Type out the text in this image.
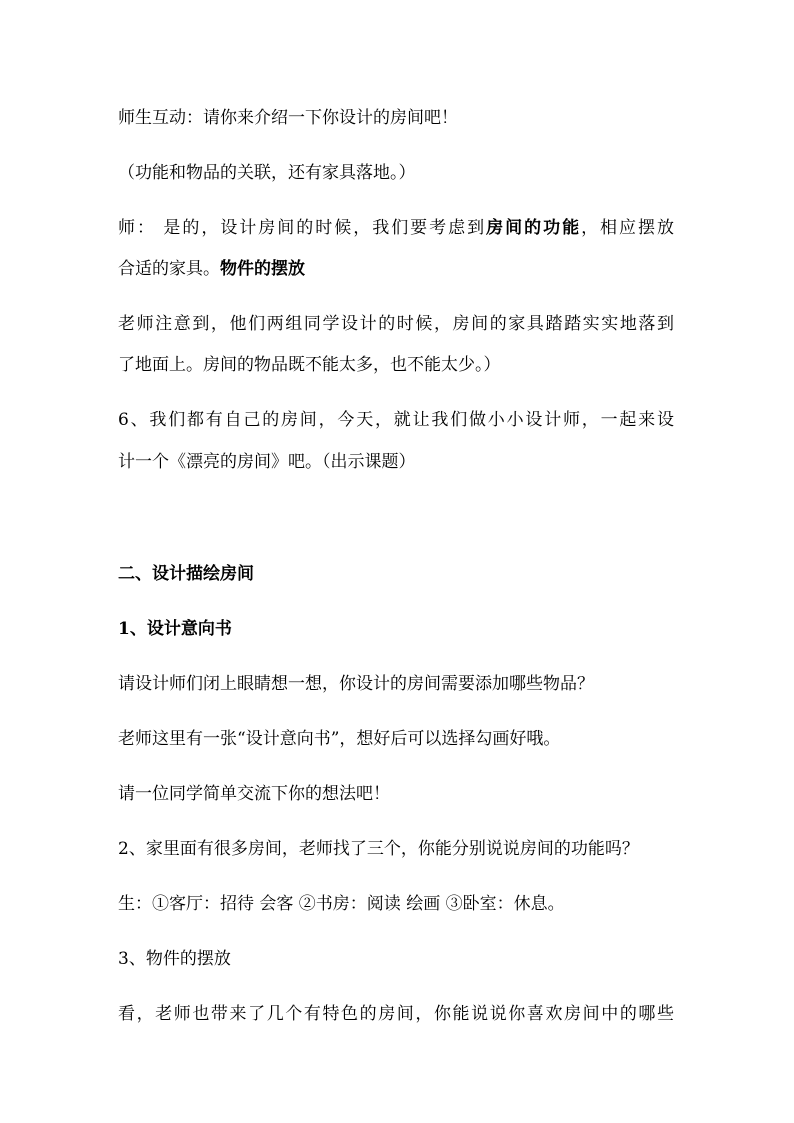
师生互动：请你来介绍一下你设计的房间吧！
（功能和物品的关联，还有家具落地。）
师： 是的，设计房间的时候，我们要考虑到房间的功能，相应摆放
合适的家具。物件的摆放
老师注意到，他们两组同学设计的时候，房间的家具踏踏实实地落到
了地面上。房间的物品既不能太多，也不能太少。）
6、我们都有自己的房间，今天，就让我们做小小设计师，一起来设
计一个《漂亮的房间》吧。（出示课题）
二、设计描绘房间
1、设计意向书
请设计师们闭上眼睛想一想，你设计的房间需要添加哪些物品？
老师这里有一张“设计意向书”，想好后可以选择勾画好哦。
请一位同学简单交流下你的想法吧！
2、家里面有很多房间，老师找了三个，你能分别说说房间的功能吗？
生：①客厅：招待 会客 ②书房：阅读 绘画 ③卧室：休息。
3、物件的摆放
看，老师也带来了几个有特色的房间，你能说说你喜欢房间中的哪些
